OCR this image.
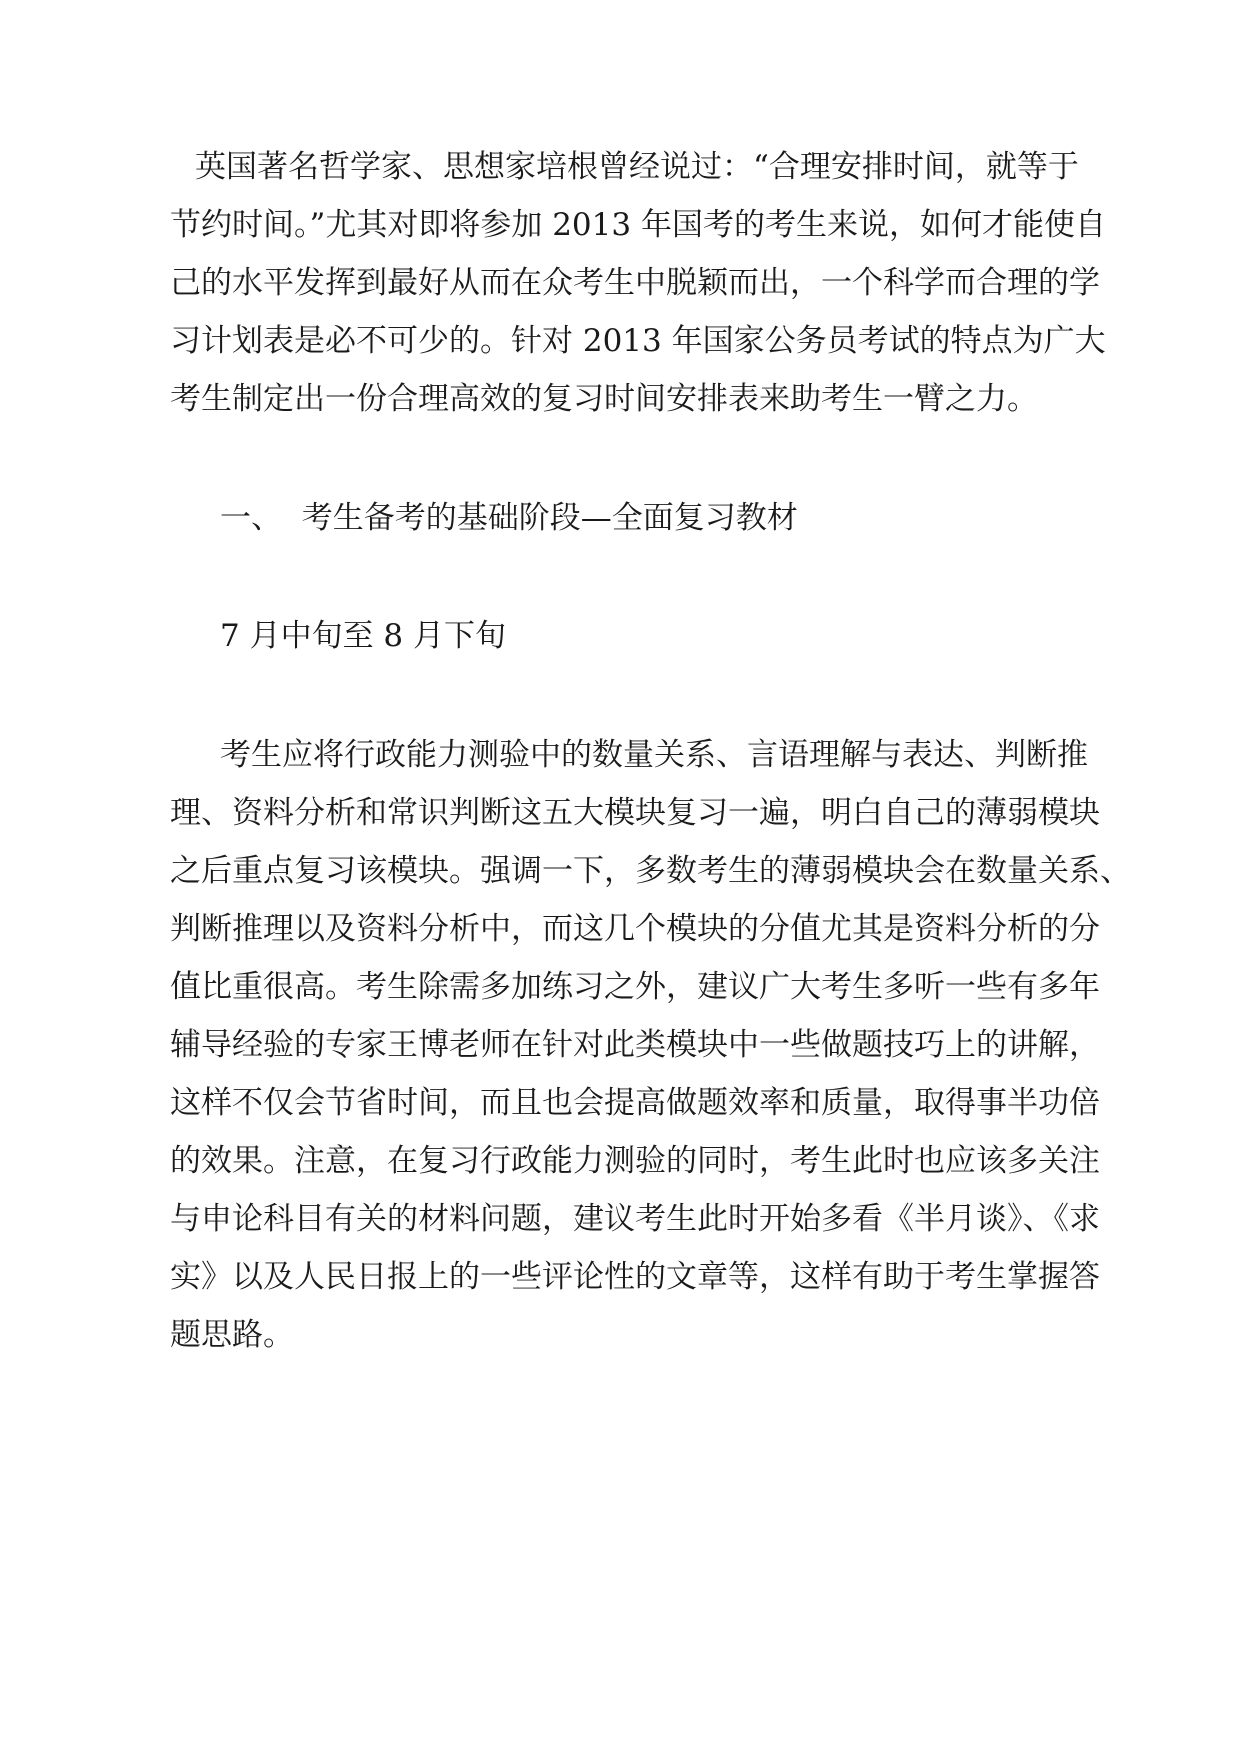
英国著名哲学家、思想家培根曾经说过：“合理安排时间，就等于

节约时间。”尤其对即将参加 2013 年国考的考生来说，如何才能使自

己的水平发挥到最好从而在众考生中脱颖而出，一个科学而合理的学

习计划表是必不可少的。针对 2013 年国家公务员考试的特点为广大

考生制定出一份合理高效的复习时间安排表来助考生一臂之力。

一、  考生备考的基础阶段—全面复习教材

7 月中旬至 8 月下旬

考生应将行政能力测验中的数量关系、言语理解与表达、判断推

理、资料分析和常识判断这五大模块复习一遍，明白自己的薄弱模块

之后重点复习该模块。强调一下，多数考生的薄弱模块会在数量关系、

判断推理以及资料分析中，而这几个模块的分值尤其是资料分析的分

值比重很高。考生除需多加练习之外，建议广大考生多听一些有多年

辅导经验的专家王博老师在针对此类模块中一些做题技巧上的讲解，

这样不仅会节省时间，而且也会提高做题效率和质量，取得事半功倍

的效果。注意，在复习行政能力测验的同时，考生此时也应该多关注

与申论科目有关的材料问题，建议考生此时开始多看《半月谈》、《求

实》以及人民日报上的一些评论性的文章等，这样有助于考生掌握答

题思路。
